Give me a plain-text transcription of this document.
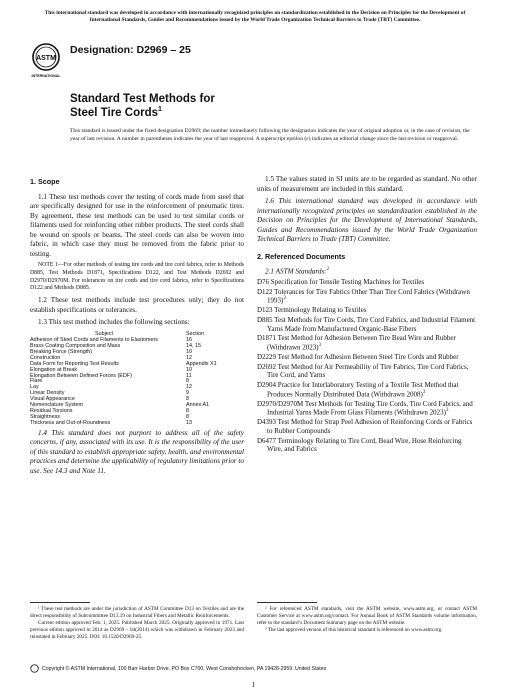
This international standard was developed in accordance with internationally recognized principles on standardization established in the Decision on Principles for the Development of International Standards, Guides and Recommendations issued by the World Trade Organization Technical Barriers to Trade (TBT) Committee.
ASTM
INTERNATIONAL
Designation: D2969 – 25
Standard Test Methods for
Steel Tire Cords$^1$
This standard is issued under the fixed designation D2969; the number immediately following the designation indicates the year of original adoption or, in the case of revision, the year of last revision. A number in parentheses indicates the year of last reapproval. A superscript epsilon (ε) indicates an editorial change since the last revision or reapproval.
1. Scope

1.1 These test methods cover the testing of cords made from steel that are specifically designed for use in the reinforcement of pneumatic tires. By agreement, these test methods can be used to test similar cords or filaments used for reinforcing other rubber products. The steel cords shall be wound on spools or beams. The steel cords can also be woven into fabric, in which case they must be removed from the fabric prior to testing.

NOTE 1—For other methods of testing tire cords and tire cord fabrics, refer to Methods D885, Test Methods D1871, Specifications D122, and Test Methods D2692 and D2970/D2970M. For tolerances on tire cords and tire cord fabrics, refer to Specifications D122 and Methods D885.

1.2 These test methods include test procedures only; they do not establish specifications or tolerances.

1.3 This test method includes the following sections:

Subject	Section
Adhesion of Steel Cords and Filaments to Elastomers	16
Brass Coating Composition and Mass	14, 15
Breaking Force (Strength)	10
Construction	12
Data Form for Reporting Test Results	Appendix X1
Elongation at Break	10
Elongation Between Defined Forces (EDF)	11
Flare	8
Lay	12
Linear Density	9
Visual Appearance	8
Nomenclature System	Annex A1
Residual Torsions	8
Straightness	8
Thickness and Out-of-Roundness	13

1.4 This standard does not purport to address all of the safety concerns, if any, associated with its use. It is the responsibility of the user of this standard to establish appropriate safety, health, and environmental practices and determine the applicability of regulatory limitations prior to use. See 14.3 and Note 11.

1.5 The values stated in SI units are to be regarded as standard. No other units of measurement are included in this standard.

1.6 This international standard was developed in accordance with internationally recognized principles on standardization established in the Decision on Principles for the Development of International Standards, Guides and Recommendations issued by the World Trade Organization Technical Barriers to Trade (TBT) Committee.

2. Referenced Documents
2.1 ASTM Standards:$^2$
D76 Specification for Tensile Testing Machines for Textiles
D122 Tolerances for Tire Fabrics Other Than Tire Cord Fabrics (Withdrawn 1993)$^3$
D123 Terminology Relating to Textiles
D885 Test Methods for Tire Cords, Tire Cord Fabrics, and Industrial Filament Yarns Made from Manufactured Organic-Base Fibers
D1871 Test Method for Adhesion Between Tire Bead Wire and Rubber (Withdrawn 2023)$^3$
D2229 Test Method for Adhesion Between Steel Tire Cords and Rubber
D2692 Test Method for Air Permeability of Tire Fabrics, Tire Cord Fabrics, Tire Cord, and Yarns
D2904 Practice for Interlaboratory Testing of a Textile Test Method that Produces Normally Distributed Data (Withdrawn 2008)$^3$
D2970/D2970M Test Methods for Testing Tire Cords, Tire Cord Fabrics, and Industrial Yarns Made From Glass Filaments (Withdrawn 2023)$^3$
D4393 Test Method for Strap Peel Adhesion of Reinforcing Cords or Fabrics to Rubber Compounds
D6477 Terminology Relating to Tire Cord, Bead Wire, Hose Reinforcing Wire, and Fabrics
¹ These test methods are under the jurisdiction of ASTM Committee D13 on Textiles and are the direct responsibility of Subcommittee D13.19 on Industrial Fibers and Metallic Reinforcements.
Current edition approved Feb. 1, 2025. Published March 2025. Originally approved in 1971. Last previous edition approved in 2014 as D2969 – 04(2014) which was withdrawn in February 2023 and reinstated in February 2025. DOI: 10.1520/D2969-25.
² For referenced ASTM standards, visit the ASTM website, www.astm.org, or contact ASTM Customer Service at www.astm.org/contact. For Annual Book of ASTM Standards volume information, refer to the standard’s Document Summary page on the ASTM website.
³ The last approved version of this historical standard is referenced on www.astm.org.
Copyright © ASTM International, 100 Barr Harbor Drive, PO Box C700, West Conshohocken, PA 19428-2959. United States
1
